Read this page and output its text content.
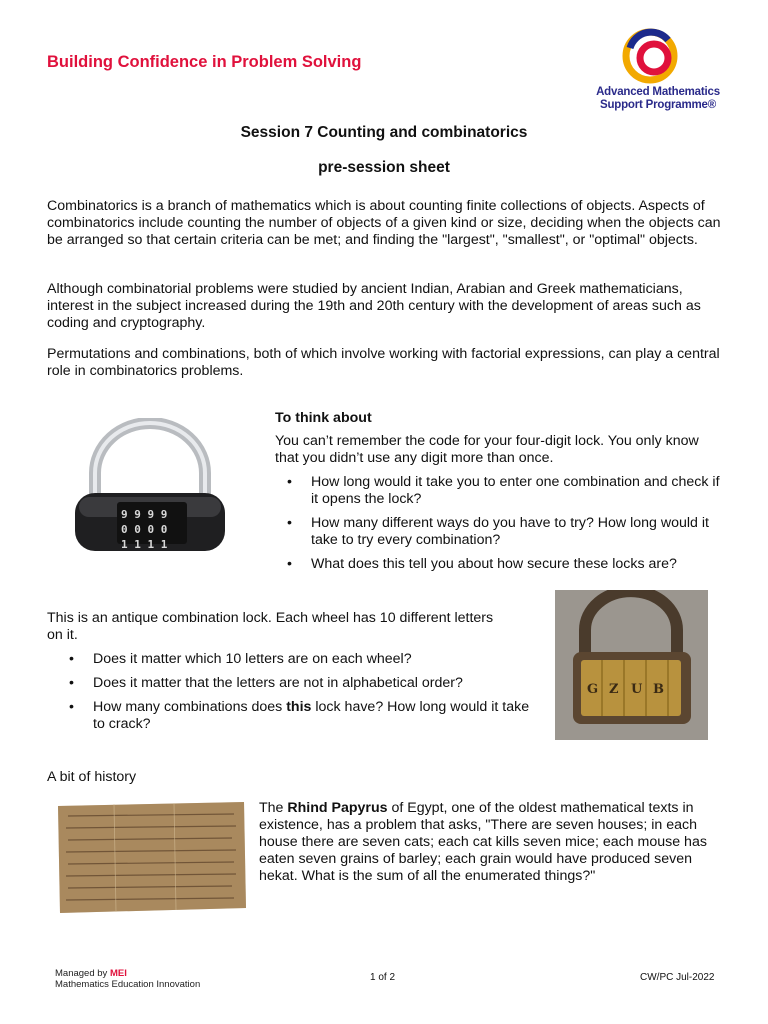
Building Confidence in Problem Solving
Advanced Mathematics
Support Programme®
Session 7 Counting and combinatorics
pre-session sheet

Combinatorics is a branch of mathematics which is about counting finite collections of objects. Aspects of combinatorics include counting the number of objects of a given kind or size, deciding when the objects can be arranged so that certain criteria can be met; and finding the "largest", "smallest", or "optimal" objects.

Although combinatorial problems were studied by ancient Indian, Arabian and Greek mathematicians, interest in the subject increased during the 19th and 20th century with the development of areas such as coding and cryptography.

Permutations and combinations, both of which involve working with factorial expressions, can play a central role in combinatorics problems.

9 9 9 9
0 0 0 0
1 1 1 1
To think about

You can’t remember the code for your four-digit lock. You only know that you didn’t use any digit more than once.

• How long would it take you to enter one combination and check if it opens the lock?
• How many different ways do you have to try? How long would it take to try every combination?
• What does this tell you about how secure these locks are?

This is an antique combination lock. Each wheel has 10 different letters on it.

• Does it matter which 10 letters are on each wheel?
• Does it matter that the letters are not in alphabetical order?
• How many combinations does this lock have? How long would it take to crack?
G Z U B
A bit of history

The Rhind Papyrus of Egypt, one of the oldest mathematical texts in existence, has a problem that asks, "There are seven houses; in each house there are seven cats; each cat kills seven mice; each mouse has eaten seven grains of barley; each grain would have produced seven hekat. What is the sum of all the enumerated things?"

Managed by MEI
Mathematics Education Innovation
1 of 2	CW/PC Jul-2022
